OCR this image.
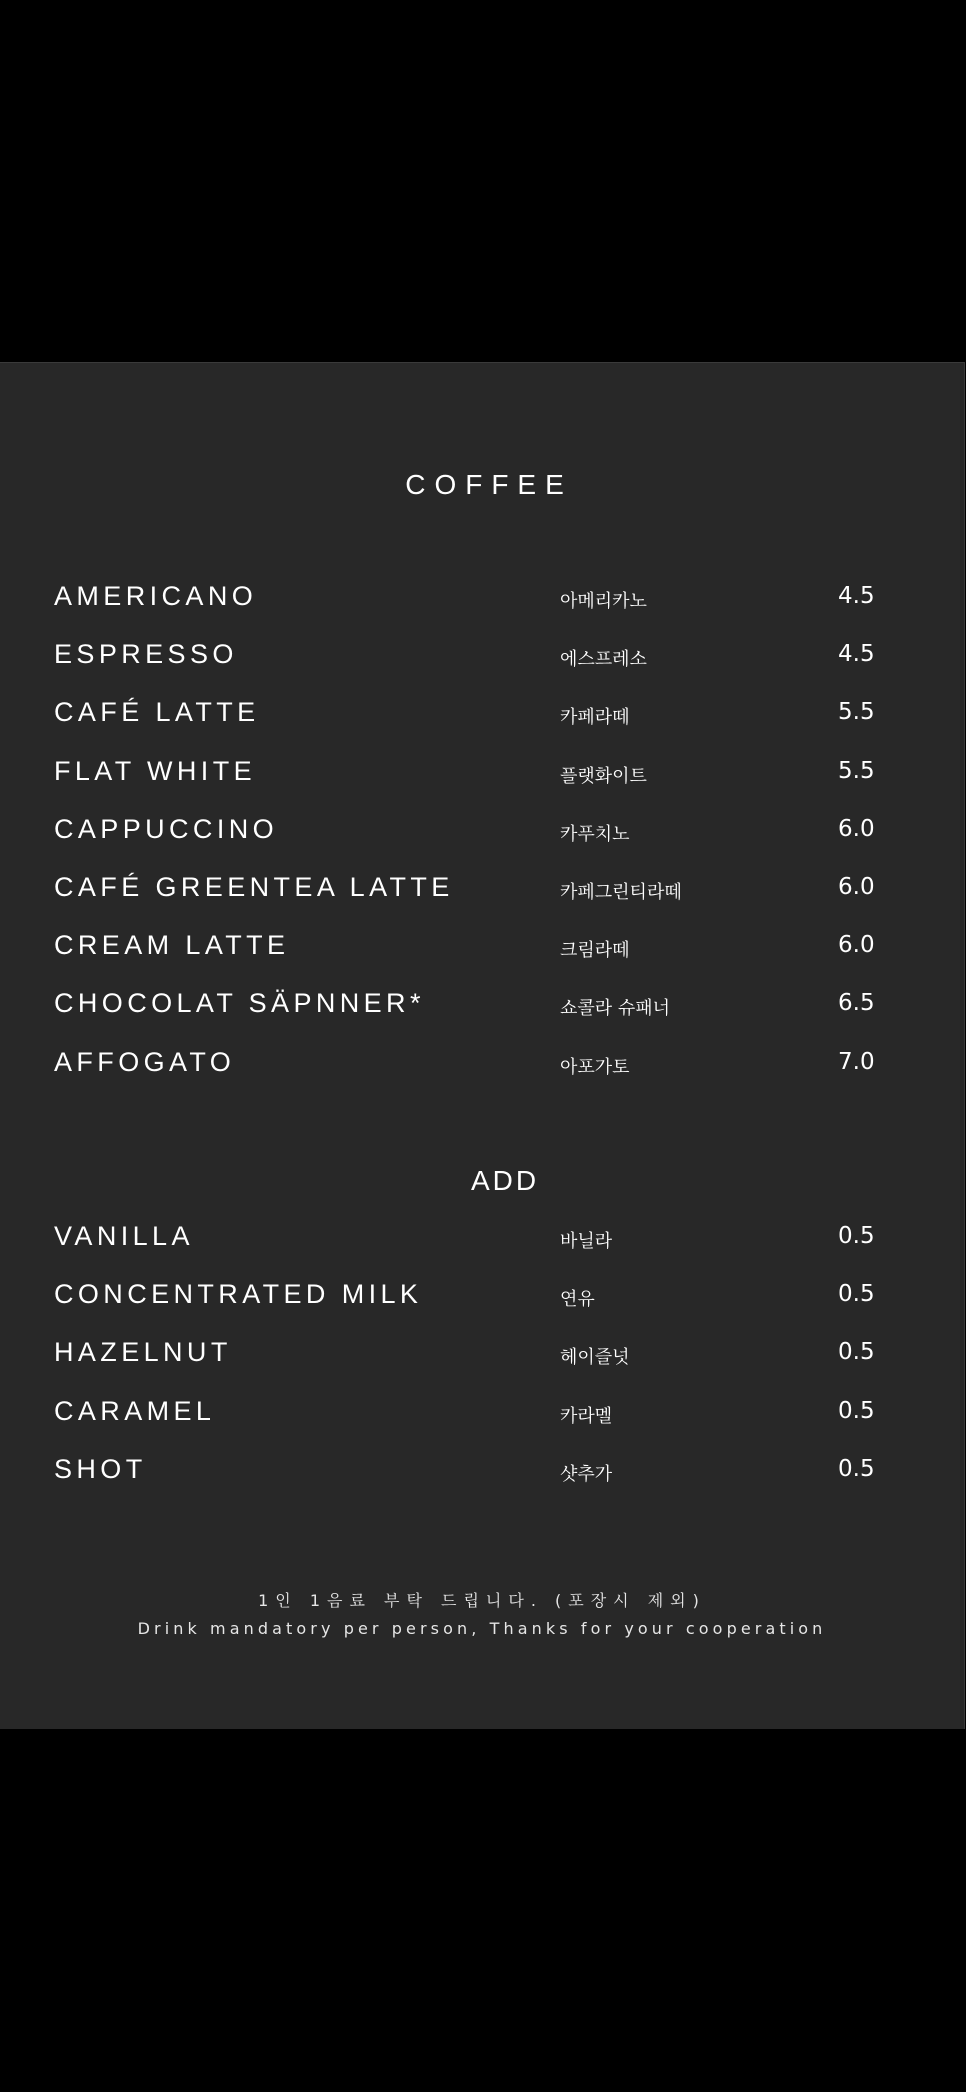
COFFEE
AMERICANO	아메리카노	4.5
ESPRESSO	에스프레소	4.5
CAFÉ LATTE	카페라떼	5.5
FLAT WHITE	플랫화이트	5.5
CAPPUCCINO	카푸치노	6.0
CAFÉ GREENTEA LATTE	카페그린티라떼	6.0
CREAM LATTE	크림라떼	6.0
CHOCOLAT SÄPNNER*	쇼콜라 슈패너	6.5
AFFOGATO	아포가토	7.0
ADD
VANILLA	바닐라	0.5
CONCENTRATED MILK	연유	0.5
HAZELNUT	헤이즐넛	0.5
CARAMEL	카라멜	0.5
SHOT	샷추가	0.5
1인 1음료 부탁 드립니다. (포장시 제외)
Drink mandatory per person, Thanks for your cooperation
